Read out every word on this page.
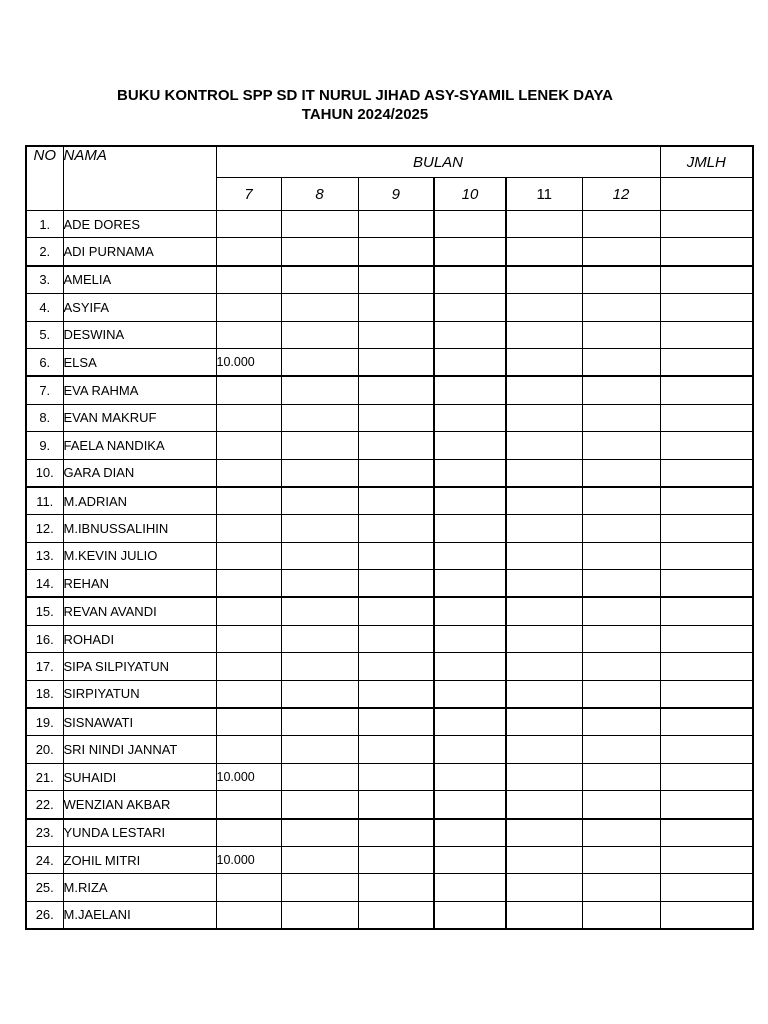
BUKU KONTROL SPP SD IT NURUL JIHAD ASY-SYAMIL LENEK DAYA
TAHUN 2024/2025
NO	NAMA	BULAN						JMLH
		7	8	9	10	11	12	
1.	ADE DORES							
2.	ADI PURNAMA							
3.	AMELIA							
4.	ASYIFA							
5.	DESWINA							
6.	ELSA	10.000						
7.	EVA RAHMA							
8.	EVAN MAKRUF							
9.	FAELA NANDIKA							
10.	GARA DIAN							
11.	M.ADRIAN							
12.	M.IBNUSSALIHIN							
13.	M.KEVIN JULIO							
14.	REHAN							
15.	REVAN AVANDI							
16.	ROHADI							
17.	SIPA SILPIYATUN							
18.	SIRPIYATUN							
19.	SISNAWATI							
20.	SRI NINDI JANNAT							
21.	SUHAIDI	10.000						
22.	WENZIAN AKBAR							
23.	YUNDA LESTARI							
24.	ZOHIL MITRI	10.000						
25.	M.RIZA							
26.	M.JAELANI							
